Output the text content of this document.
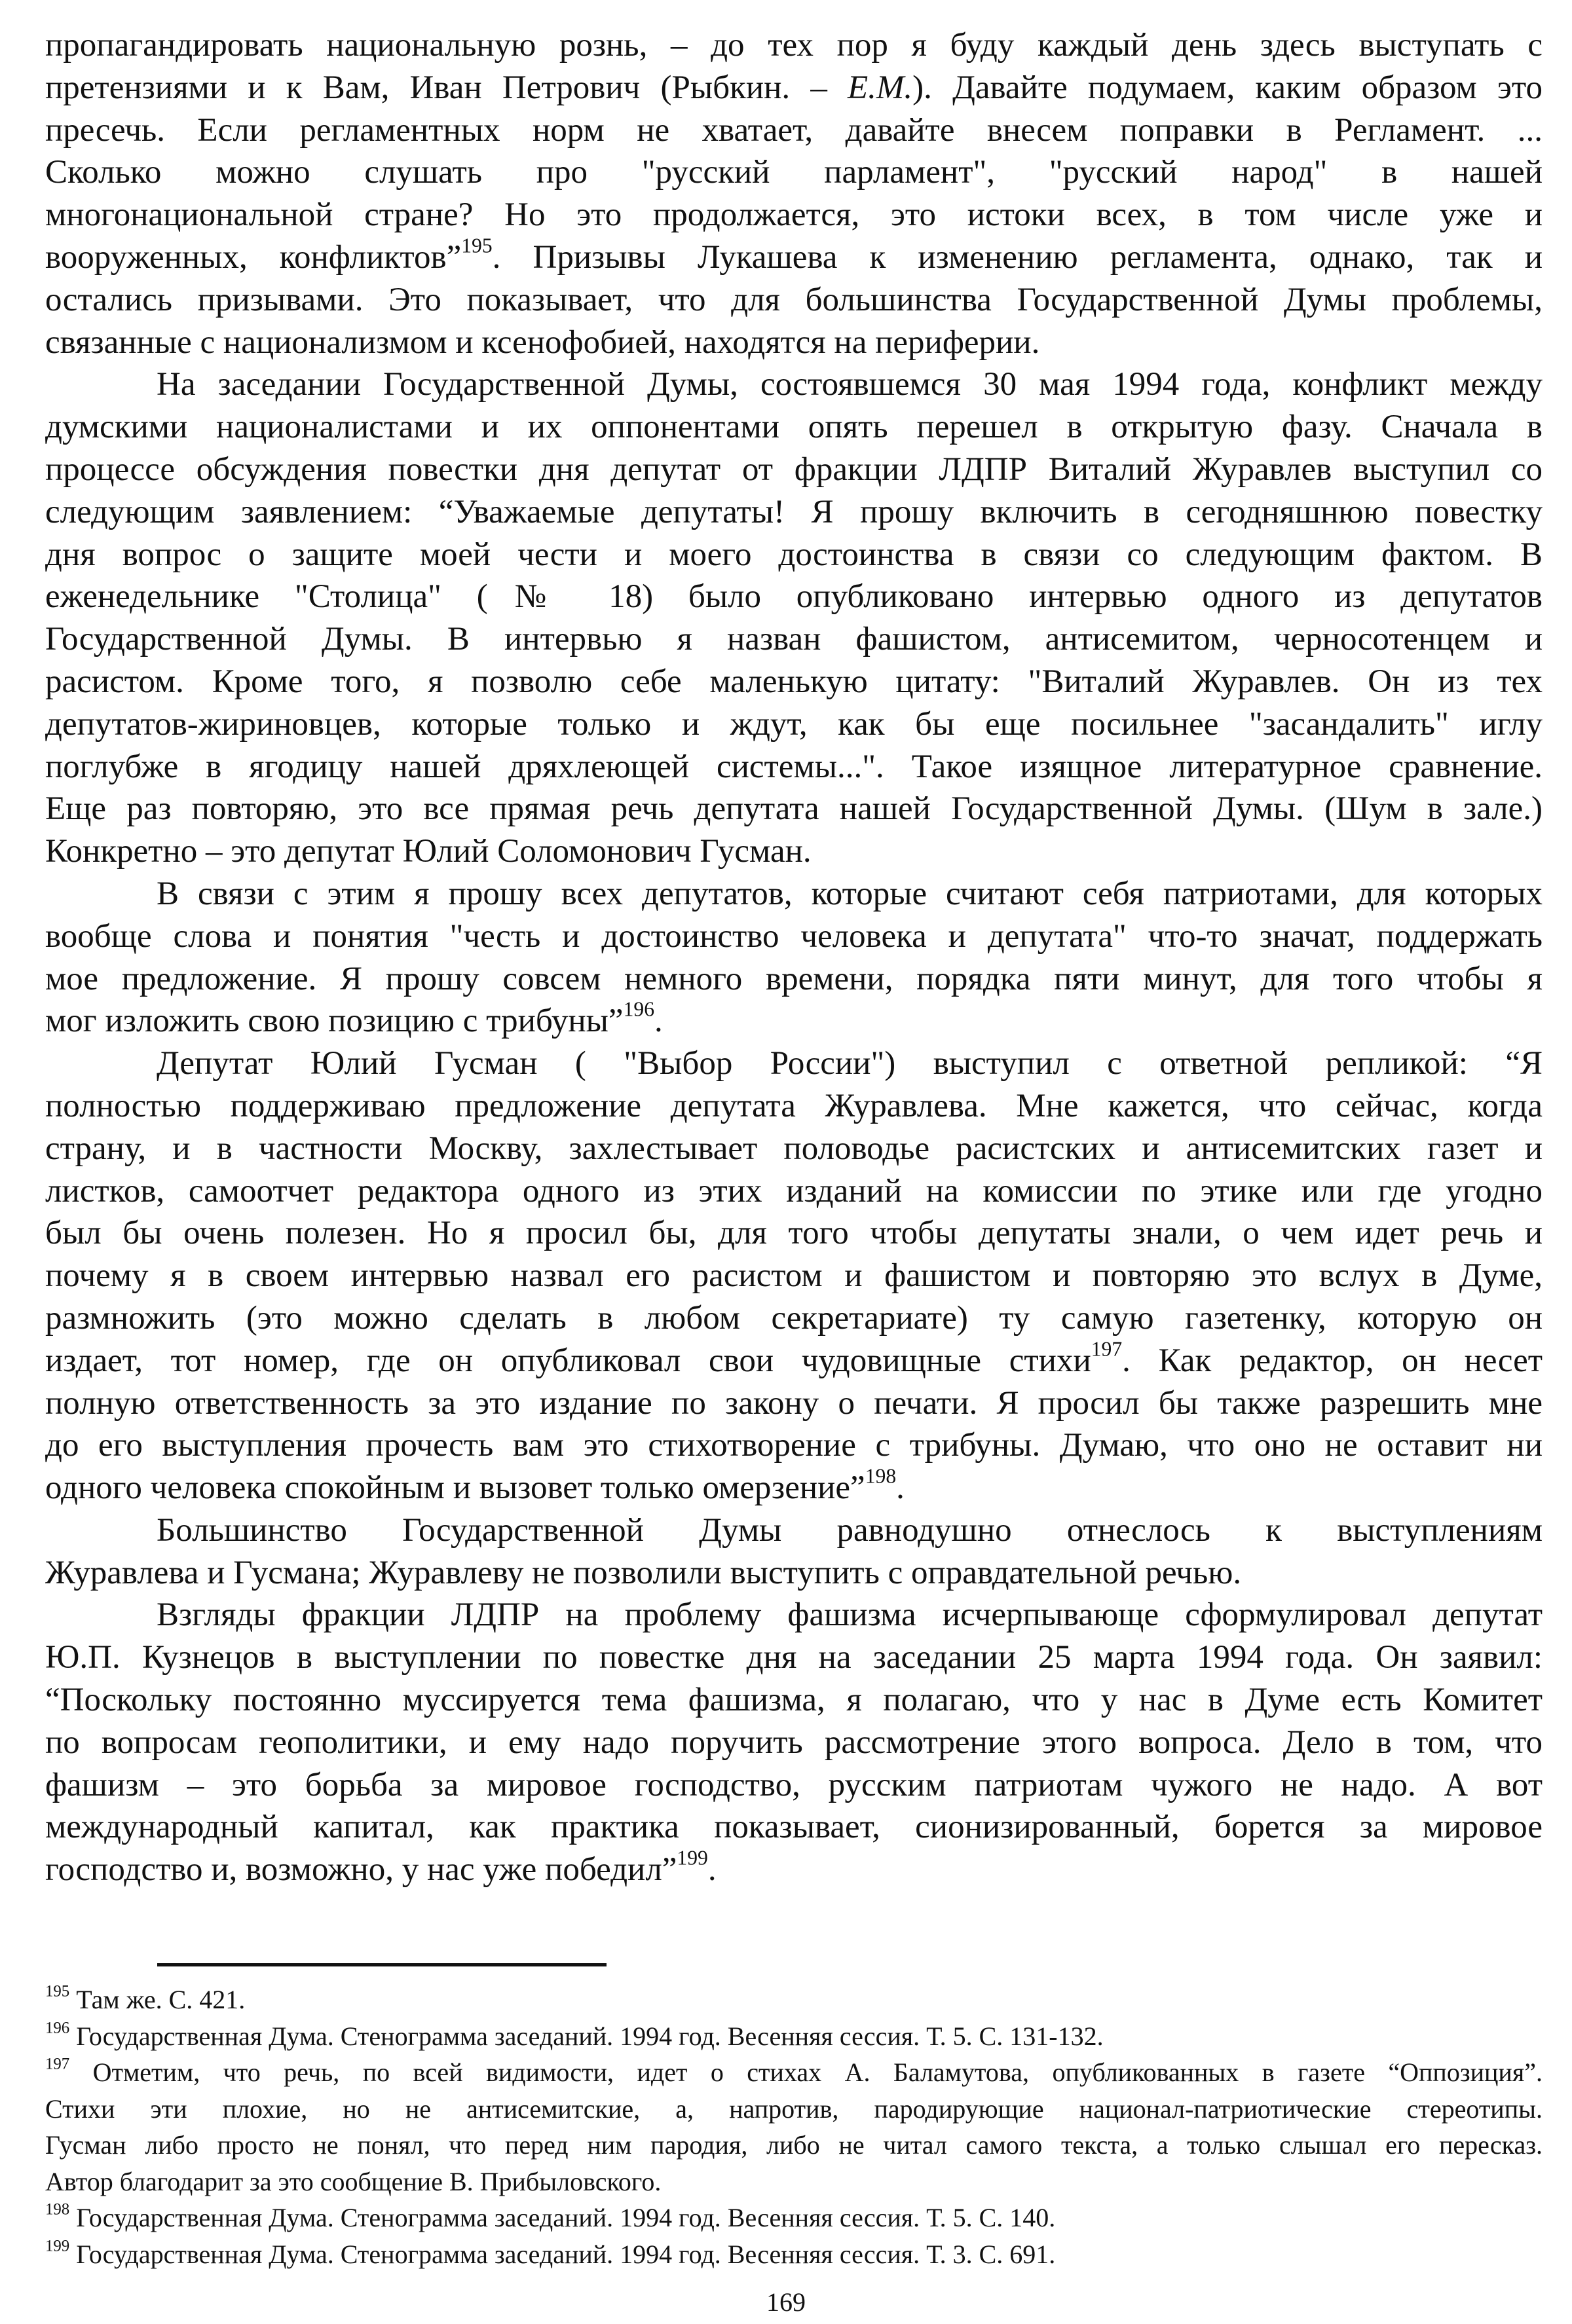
пропагандировать национальную рознь, – до тех пор я буду каждый день здесь выступать с
претензиями и к Вам, Иван Петрович (Рыбкин. – Е.М.). Давайте подумаем, каким образом это
пресечь. Если регламентных норм не хватает, давайте внесем поправки в Регламент. ...
Сколько можно слушать про "русский парламент", "русский народ" в нашей
многонациональной стране? Но это продолжается, это истоки всех, в том числе уже и
вооруженных, конфликтов”$^{195}$. Призывы Лукашева к изменению регламента, однако, так и
остались призывами. Это показывает, что для большинства Государственной Думы проблемы,
связанные с национализмом и ксенофобией, находятся на периферии.
На заседании Государственной Думы, состоявшемся 30 мая 1994 года, конфликт между
думскими националистами и их оппонентами опять перешел в открытую фазу. Сначала в
процессе обсуждения повестки дня депутат от фракции ЛДПР Виталий Журавлев выступил со
следующим заявлением: “Уважаемые депутаты! Я прошу включить в сегодняшнюю повестку
дня вопрос о защите моей чести и моего достоинства в связи со следующим фактом. В
еженедельнике "Столица" (№ 18) было опубликовано интервью одного из депутатов
Государственной Думы. В интервью я назван фашистом, антисемитом, черносотенцем и
расистом. Кроме того, я позволю себе маленькую цитату: "Виталий Журавлев. Он из тех
депутатов-жириновцев, которые только и ждут, как бы еще посильнее "засандалить" иглу
поглубже в ягодицу нашей дряхлеющей системы...". Такое изящное литературное сравнение.
Еще раз повторяю, это все прямая речь депутата нашей Государственной Думы. (Шум в зале.)
Конкретно – это депутат Юлий Соломонович Гусман.
В связи с этим я прошу всех депутатов, которые считают себя патриотами, для которых
вообще слова и понятия "честь и достоинство человека и депутата" что-то значат, поддержать
мое предложение. Я прошу совсем немного времени, порядка пяти минут, для того чтобы я
мог изложить свою позицию с трибуны”$^{196}$.
Депутат Юлий Гусман ( "Выбор России") выступил с ответной репликой: “Я
полностью поддерживаю предложение депутата Журавлева. Мне кажется, что сейчас, когда
страну, и в частности Москву, захлестывает половодье расистских и антисемитских газет и
листков, самоотчет редактора одного из этих изданий на комиссии по этике или где угодно
был бы очень полезен. Но я просил бы, для того чтобы депутаты знали, о чем идет речь и
почему я в своем интервью назвал его расистом и фашистом и повторяю это вслух в Думе,
размножить (это можно сделать в любом секретариате) ту самую газетенку, которую он
издает, тот номер, где он опубликовал свои чудовищные стихи$^{197}$. Как редактор, он несет
полную ответственность за это издание по закону о печати. Я просил бы также разрешить мне
до его выступления прочесть вам это стихотворение с трибуны. Думаю, что оно не оставит ни
одного человека спокойным и вызовет только омерзение”$^{198}$.
Большинство Государственной Думы равнодушно отнеслось к выступлениям
Журавлева и Гусмана; Журавлеву не позволили выступить с оправдательной речью.
Взгляды фракции ЛДПР на проблему фашизма исчерпывающе сформулировал депутат
Ю.П. Кузнецов в выступлении по повестке дня на заседании 25 марта 1994 года. Он заявил:
“Поскольку постоянно муссируется тема фашизма, я полагаю, что у нас в Думе есть Комитет
по вопросам геополитики, и ему надо поручить рассмотрение этого вопроса. Дело в том, что
фашизм – это борьба за мировое господство, русским патриотам чужого не надо. А вот
международный капитал, как практика показывает, сионизированный, борется за мировое
господство и, возможно, у нас уже победил”$^{199}$.
$^{195}$ Там же. С. 421.
$^{196}$ Государственная Дума. Стенограмма заседаний. 1994 год. Весенняя сессия. Т. 5. С. 131-132.
$^{197}$ Отметим, что речь, по всей видимости, идет о стихах А. Баламутова, опубликованных в газете “Оппозиция”.
Стихи эти плохие, но не антисемитские, а, напротив, пародирующие национал-патриотические стереотипы.
Гусман либо просто не понял, что перед ним пародия, либо не читал самого текста, а только слышал его пересказ.
Автор благодарит за это сообщение В. Прибыловского.
$^{198}$ Государственная Дума. Стенограмма заседаний. 1994 год. Весенняя сессия. Т. 5. С. 140.
$^{199}$ Государственная Дума. Стенограмма заседаний. 1994 год. Весенняя сессия. Т. 3. С. 691.
169
